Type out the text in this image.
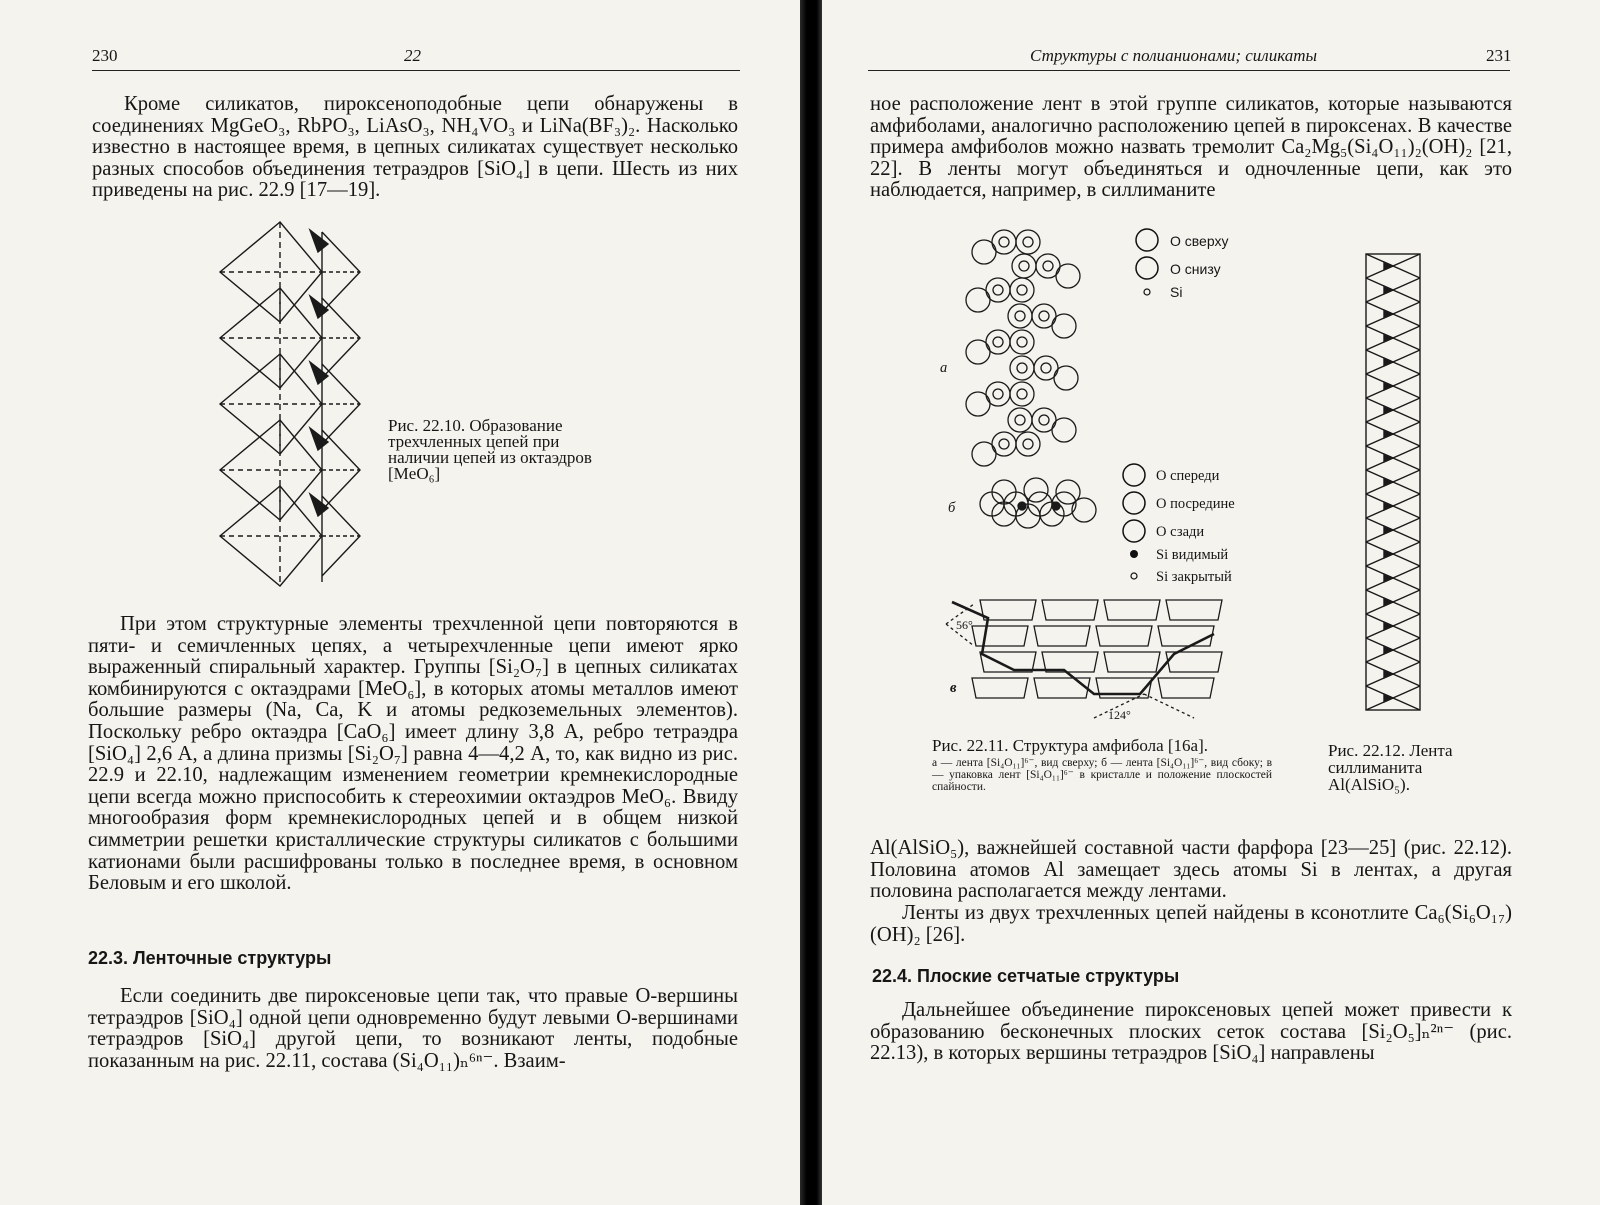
230	22

Кроме силикатов, пироксеноподобные цепи обнаружены в соединениях MgGeO₃, RbPO₃, LiAsO₃, NH₄VO₃ и LiNa(BF₃)₂. Насколько известно в настоящее время, в цепных силикатах существует несколько разных способов объединения тетраэдров [SiO₄] в цепи. Шесть из них приведены на рис. 22.9 [17—19].

Рис. 22.10. Образование трехчленных цепей при наличии цепей из октаэдров [MeO₆]

При этом структурные элементы трехчленной цепи повторяются в пяти- и семичленных цепях, а четырехчленные цепи имеют ярко выраженный спиральный характер. Группы [Si₂O₇] в цепных силикатах комбинируются с октаэдрами [MeO₆], в которых атомы металлов имеют большие размеры (Na, Ca, K и атомы редкоземельных элементов). Поскольку ребро октаэдра [CaO₆] имеет длину 3,8 А, ребро тетраэдра [SiO₄] 2,6 А, а длина призмы [Si₂O₇] равна 4—4,2 А, то, как видно из рис. 22.9 и 22.10, надлежащим изменением геометрии кремнекислородные цепи всегда можно приспособить к стереохимии октаэдров MeO₆. Ввиду многообразия форм кремнекислородных цепей и в общем низкой симметрии решетки кристаллические структуры силикатов с большими катионами были расшифрованы только в последнее время, в основном Беловым и его школой.

22.3. Ленточные структуры

Если соединить две пироксеновые цепи так, что правые О-вершины тетраэдров [SiO₄] одной цепи одновременно будут левыми О-вершинами тетраэдров [SiO₄] другой цепи, то возникают ленты, подобные показанным на рис. 22.11, состава (Si₄O₁₁)ₙ⁶ⁿ⁻. Взаим-

Структуры с полианионами; силикаты	231

ное расположение лент в этой группе силикатов, которые называются амфиболами, аналогично расположению цепей в пироксенах. В качестве примера амфиболов можно назвать тремолит Ca₂Mg₅(Si₄O₁₁)₂(OH)₂ [21, 22]. В ленты могут объединяться и одночленные цепи, как это наблюдается, например, в силлиманите

а
O сверху
O снизу
Si
б
O спереди
O посредине
O сзади
Si видимый
Si закрытый
в
56°
124°

Рис. 22.11. Структура амфибола [16a].

а — лента [Si₄O₁₁]⁶⁻, вид сверху; б — лента [Si₄O₁₁]⁶⁻, вид сбоку; в — упаковка лент [Si₄O₁₁]⁶⁻ в кристалле и положение плоскостей спайности.

Рис. 22.12. Лента силлиманита Al(AlSiO₅).

Al(AlSiO₅), важнейшей составной части фарфора [23—25] (рис. 22.12). Половина атомов Al замещает здесь атомы Si в лентах, а другая половина располагается между лентами.

Ленты из двух трехчленных цепей найдены в ксонотлите Ca₆(Si₆O₁₇)(OH)₂ [26].

22.4. Плоские сетчатые структуры

Дальнейшее объединение пироксеновых цепей может привести к образованию бесконечных плоских сеток состава [Si₂O₅]ₙ²ⁿ⁻ (рис. 22.13), в которых вершины тетраэдров [SiO₄] направлены
